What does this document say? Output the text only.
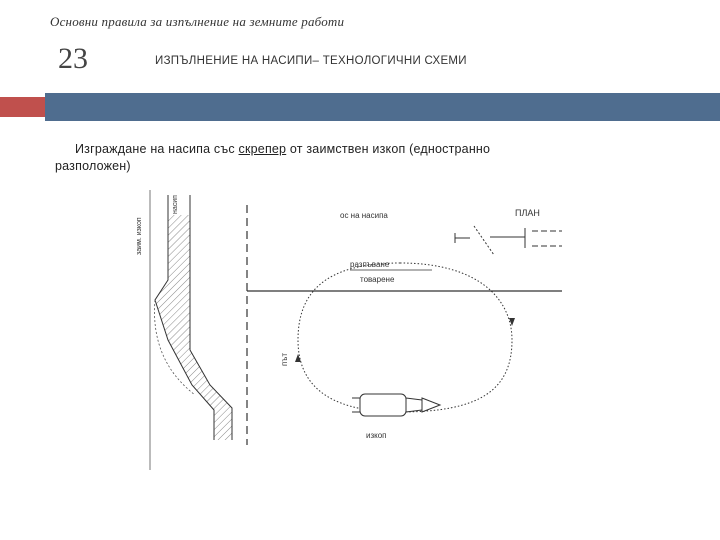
Основни правила за изпълнение на земните работи
23	ИЗПЪЛНЕНИЕ НА НАСИПИ– ТЕХНОЛОГИЧНИ СХЕМИ
Изграждане на насипа със скрепер от заимствен изкоп (едностранно
разположен)
заим. изкоп
насип
ос на насипа
разпъване
товарене
изкоп
път
ПЛАН
